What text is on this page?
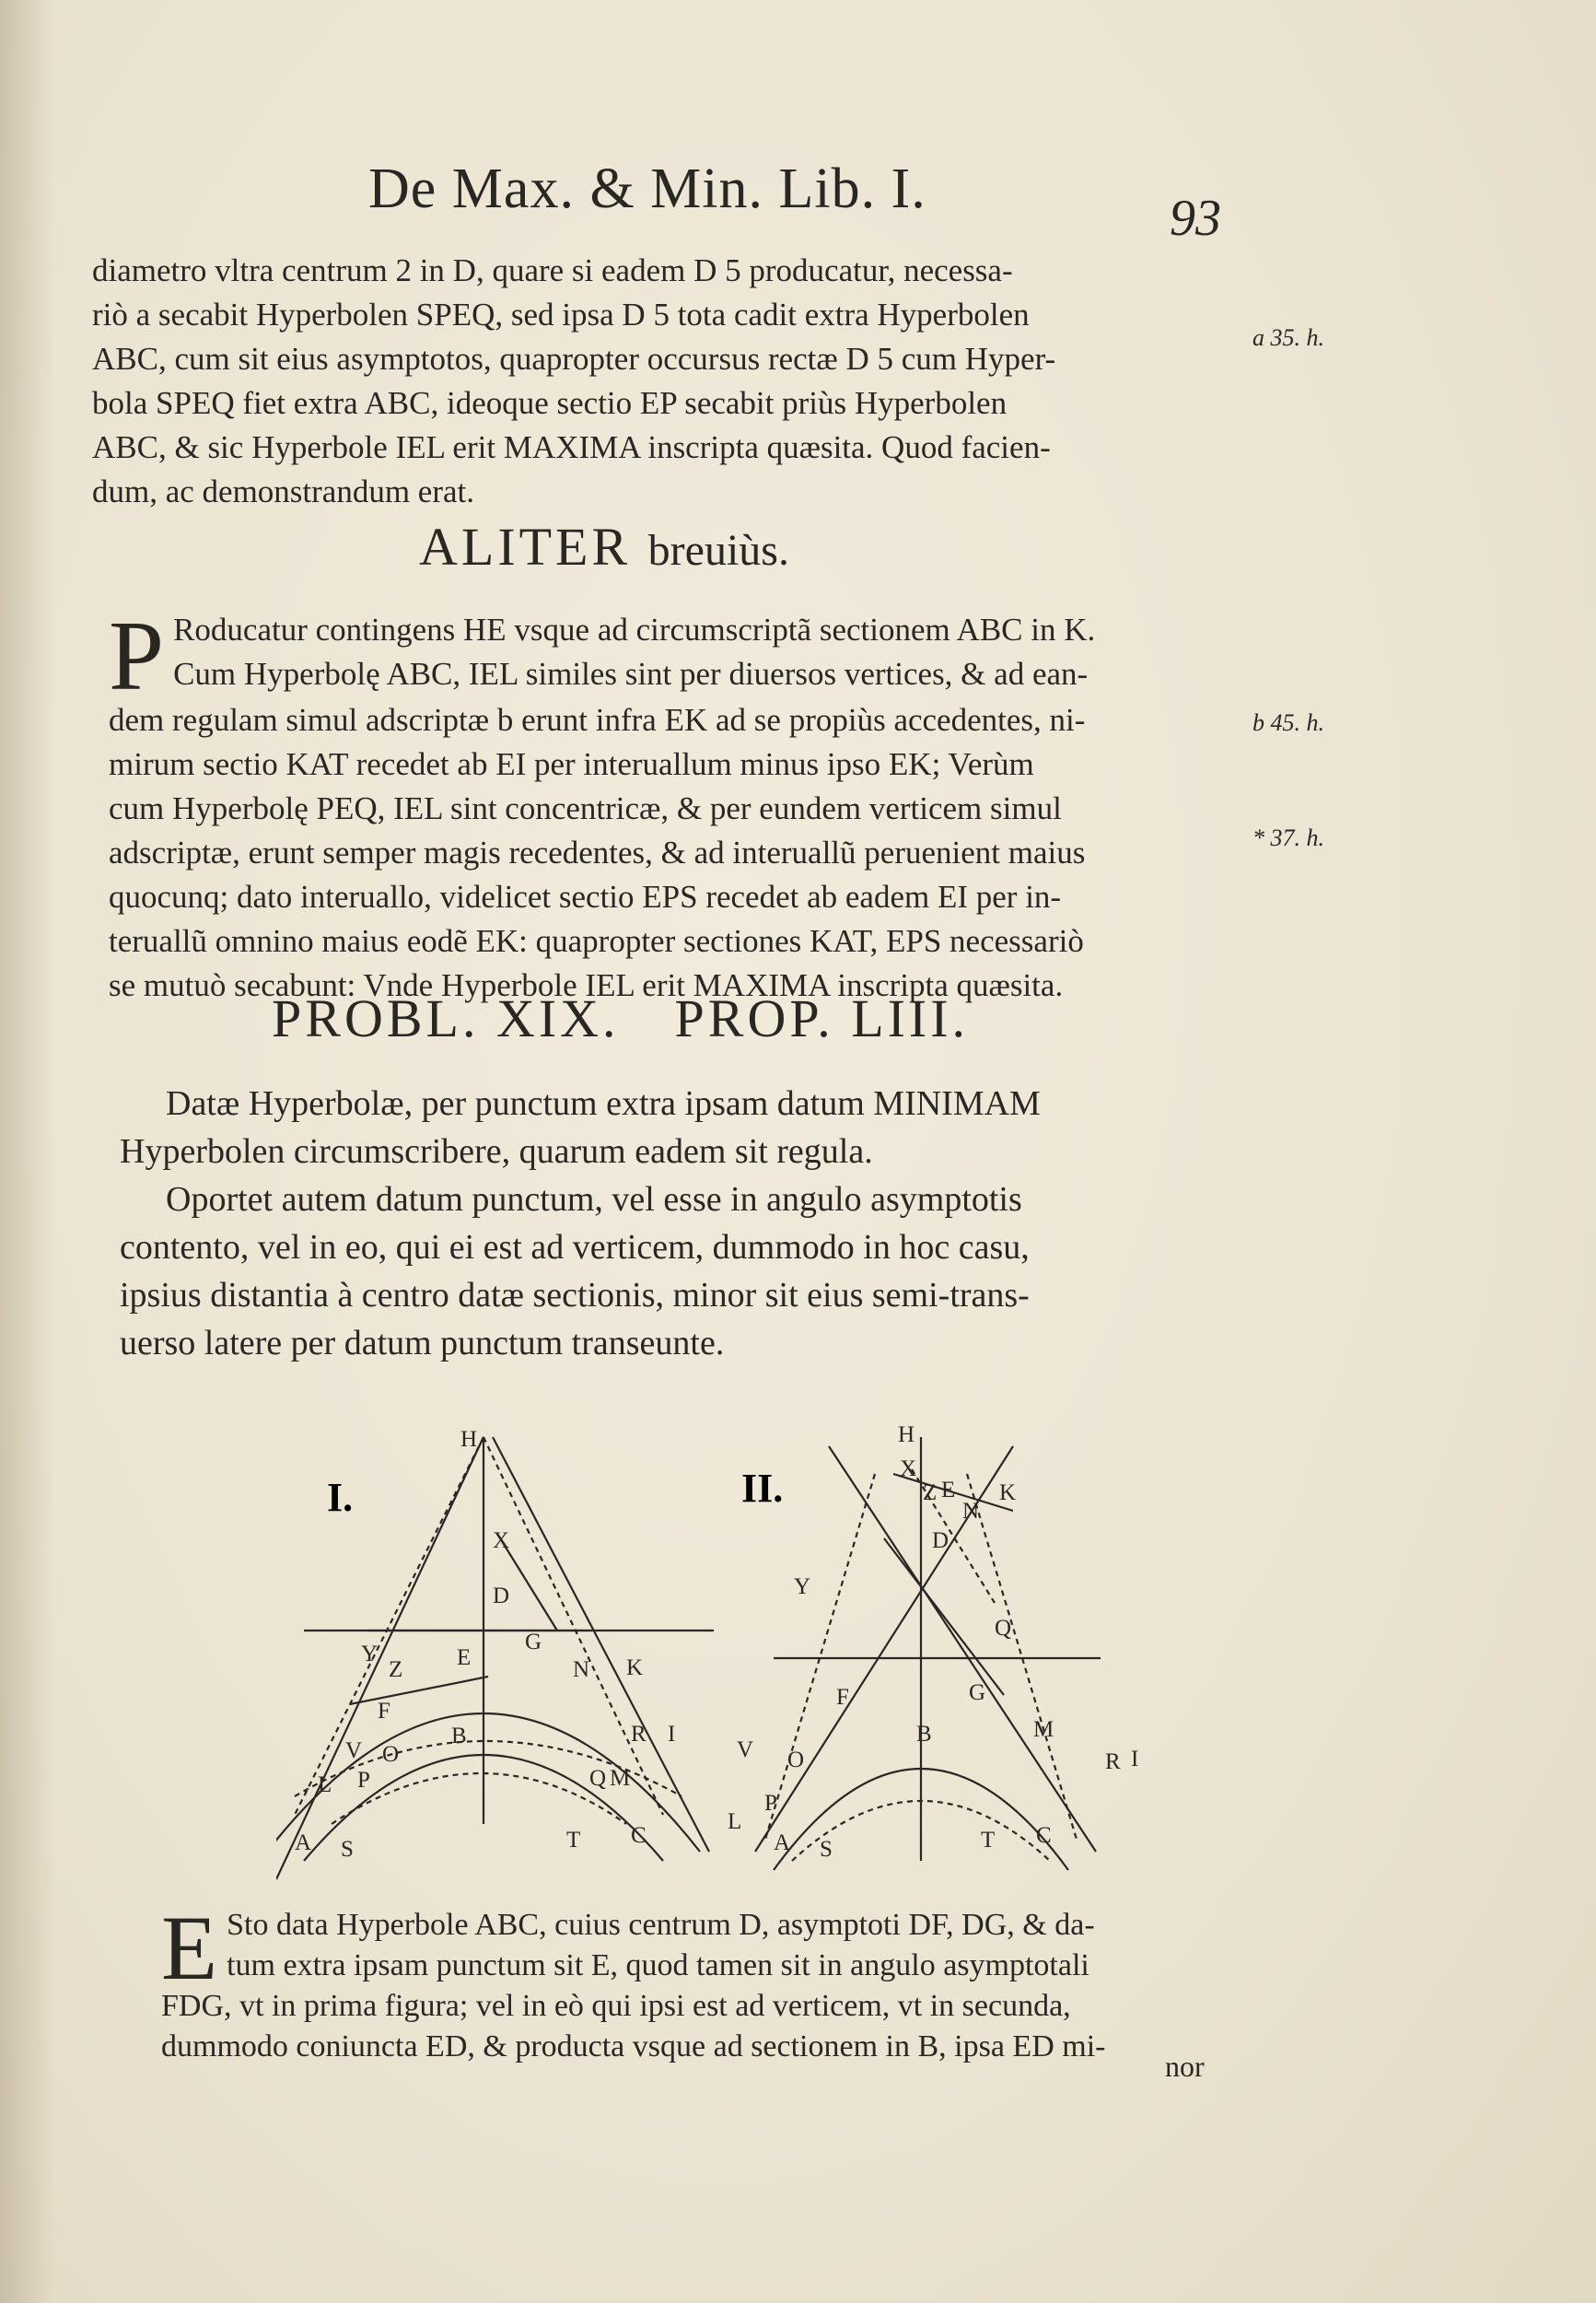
De Max. & Min. Lib. I.	93
diametro vltra centrum 2 in D, quare si eadem D 5 producatur, necessa-
riò a secabit Hyperbolen SPEQ, sed ipsa D 5 tota cadit extra Hyperbolen
ABC, cum sit eius asymptotos, quapropter occursus rectæ D 5 cum Hyper-
bola SPEQ fiet extra ABC, ideoque sectio EP secabit priùs Hyperbolen
ABC, & sic Hyperbole IEL erit MAXIMA inscripta quæsita. Quod facien-
dum, ac demonstrandum erat.
a 35. h.
ALITER breuiùs.
P Roducatur contingens HE vsque ad circumscriptã sectionem ABC in K.
Cum Hyperbolę ABC, IEL similes sint per diuersos vertices, & ad ean-
dem regulam simul adscriptæ b erunt infra EK ad se propiùs accedentes, ni-
mirum sectio KAT recedet ab EI per interuallum minus ipso EK; Verùm
cum Hyperbolę PEQ, IEL sint concentricæ, & per eundem verticem simul
adscriptæ, erunt semper magis recedentes, & ad interuallũ peruenient maius
quocunq; dato interuallo, videlicet sectio EPS recedet ab eadem EI per in-
teruallũ omnino maius eodẽ EK: quapropter sectiones KAT, EPS necessariò
se mutuò secabunt: Vnde Hyperbole IEL erit MAXIMA inscripta quæsita.
b 45. h.
* 37. h.
PROBL. XIX. PROP. LIII.
Datæ Hyperbolæ, per punctum extra ipsam datum MINIMAM
Hyperbolen circumscribere, quarum eadem sit regula.
Oportet autem datum punctum, vel esse in angulo asymptotis
contento, vel in eo, qui ei est ad verticem, dummodo in hoc casu,
ipsius distantia à centro datæ sectionis, minor sit eius semi-trans-
uerso latere per datum punctum transeunte.
I.
H
X
D
G
Y
Z E	N K
F
B	R I
V O
L P	Q M
A S	T C
II.
H
X
Z E K
N
D
Y
Q
F	G
M
B
V O	R I
P
L
A S	T C
E Sto data Hyperbole ABC, cuius centrum D, asymptoti DF, DG, & da-
tum extra ipsam punctum sit E, quod tamen sit in angulo asymptotali
FDG, vt in prima figura; vel in eò qui ipsi est ad verticem, vt in secunda,
dummodo coniuncta ED, & producta vsque ad sectionem in B, ipsa ED mi-
nor
